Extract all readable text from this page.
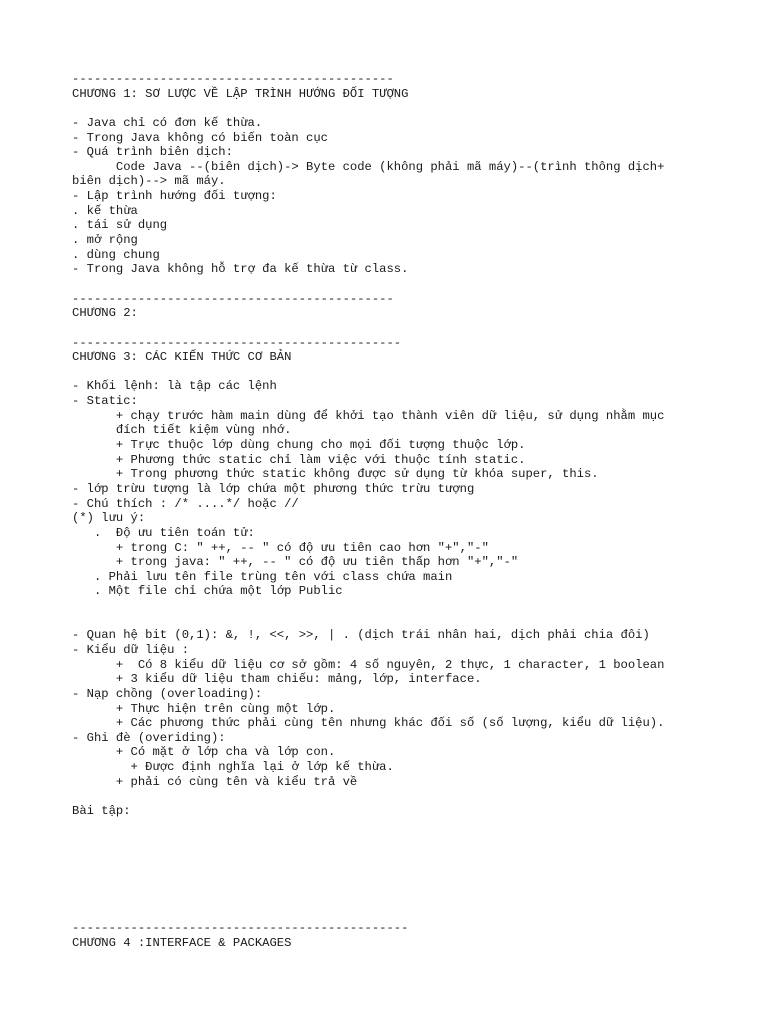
--------------------------------------------
CHƯƠNG 1: SƠ LƯỢC VỀ LẬP TRÌNH HƯỚNG ĐỐI TƯỢNG
- Java chỉ có đơn kế thừa.
- Trong Java không có biến toàn cục
- Quá trình biên dịch:
Code Java --(biên dịch)-> Byte code (không phải mã máy)--(trình thông dịch+
biên dịch)--> mã máy.
- Lập trình hướng đối tượng:
. kế thừa
. tái sử dụng
. mở rộng
. dùng chung
- Trong Java không hỗ trợ đa kế thừa từ class.
--------------------------------------------
CHƯƠNG 2:
---------------------------------------------
CHƯƠNG 3: CÁC KIẾN THỨC CƠ BẢN
- Khối lệnh: là tập các lệnh
- Static:
+ chạy trước hàm main dùng để khởi tạo thành viên dữ liệu, sử dụng nhằm mục
đích tiết kiệm vùng nhớ.
+ Trực thuộc lớp dùng chung cho mọi đối tượng thuộc lớp.
+ Phương thức static chỉ làm việc với thuộc tính static.
+ Trong phương thức static không được sử dụng từ khóa super, this.
- lớp trừu tượng là lớp chứa một phương thức trừu tượng
- Chú thích : /* ....*/ hoặc //
(*) lưu ý:
.  Độ ưu tiên toán tử:
+ trong C: " ++, -- " có độ ưu tiên cao hơn "+","-"
+ trong java: " ++, -- " có độ ưu tiên thấp hơn "+","-"
. Phải lưu tên file trùng tên với class chứa main
. Một file chỉ chứa một lớp Public
- Quan hệ bit (0,1): &, !, <<, >>, | . (dịch trái nhân hai, dịch phải chia đôi)
- Kiểu dữ liệu :
+  Có 8 kiểu dữ liệu cơ sở gồm: 4 số nguyên, 2 thực, 1 character, 1 boolean
+ 3 kiểu dữ liệu tham chiếu: mảng, lớp, interface.
- Nạp chồng (overloading):
+ Thực hiện trên cùng một lớp.
+ Các phương thức phải cùng tên nhưng khác đối số (số lượng, kiểu dữ liệu).
- Ghi đè (overiding):
+ Có mặt ở lớp cha và lớp con.
+ Được định nghĩa lại ở lớp kế thừa.
+ phải có cùng tên và kiểu trả về
Bài tập:
----------------------------------------------
CHƯƠNG 4 :INTERFACE & PACKAGES
